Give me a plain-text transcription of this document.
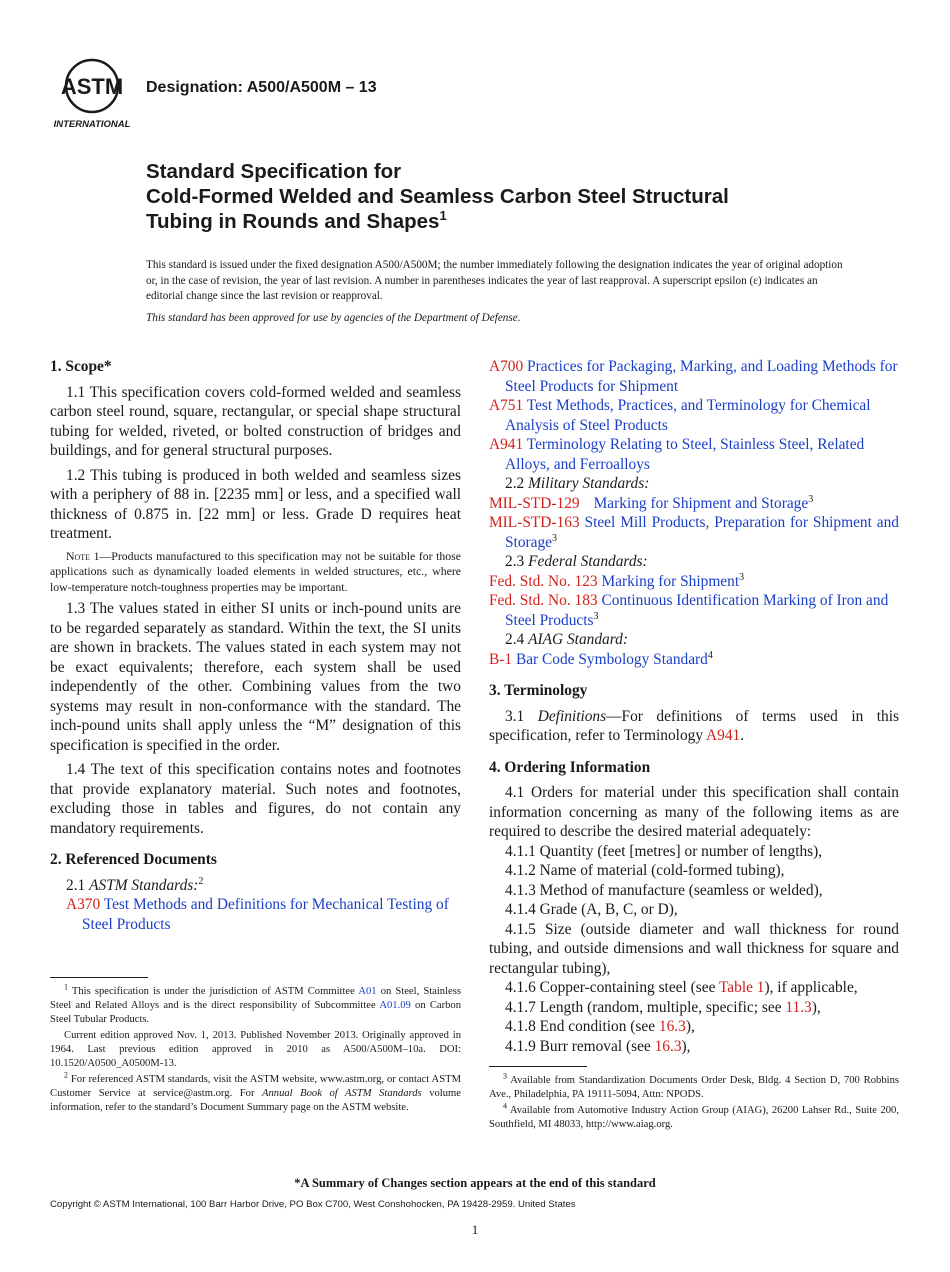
ASTM
INTERNATIONAL
Designation: A500/A500M – 13
Standard Specification for
Cold-Formed Welded and Seamless Carbon Steel Structural
Tubing in Rounds and Shapes$^1$
This standard is issued under the fixed designation A500/A500M; the number immediately following the designation indicates the year of original adoption or, in the case of revision, the year of last revision. A number in parentheses indicates the year of last reapproval. A superscript epsilon (ε) indicates an editorial change since the last revision or reapproval.
This standard has been approved for use by agencies of the Department of Defense.
1. Scope*

1.1 This specification covers cold-formed welded and seamless carbon steel round, square, rectangular, or special shape structural tubing for welded, riveted, or bolted construction of bridges and buildings, and for general structural purposes.

1.2 This tubing is produced in both welded and seamless sizes with a periphery of 88 in. [2235 mm] or less, and a specified wall thickness of 0.875 in. [22 mm] or less. Grade D requires heat treatment.

Note 1—Products manufactured to this specification may not be suitable for those applications such as dynamically loaded elements in welded structures, etc., where low-temperature notch-toughness properties may be important.

1.3 The values stated in either SI units or inch-pound units are to be regarded separately as standard. Within the text, the SI units are shown in brackets. The values stated in each system may not be exact equivalents; therefore, each system shall be used independently of the other. Combining values from the two systems may result in non-conformance with the standard. The inch-pound units shall apply unless the “M” designation of this specification is specified in the order.

1.4 The text of this specification contains notes and footnotes that provide explanatory material. Such notes and footnotes, excluding those in tables and figures, do not contain any mandatory requirements.

2. Referenced Documents

2.1 ASTM Standards:$^2$

A370 Test Methods and Definitions for Mechanical Testing of Steel Products

A700 Practices for Packaging, Marking, and Loading Methods for Steel Products for Shipment

A751 Test Methods, Practices, and Terminology for Chemical Analysis of Steel Products

A941 Terminology Relating to Steel, Stainless Steel, Related Alloys, and Ferroalloys

2.2 Military Standards:

MIL-STD-129 Marking for Shipment and Storage$^3$

MIL-STD-163 Steel Mill Products, Preparation for Shipment and Storage$^3$

2.3 Federal Standards:

Fed. Std. No. 123 Marking for Shipment$^3$

Fed. Std. No. 183 Continuous Identification Marking of Iron and Steel Products$^3$

2.4 AIAG Standard:

B-1 Bar Code Symbology Standard$^4$

3. Terminology

3.1 Definitions—For definitions of terms used in this specification, refer to Terminology A941.

4. Ordering Information

4.1 Orders for material under this specification shall contain information concerning as many of the following items as are required to describe the desired material adequately:

4.1.1 Quantity (feet [metres] or number of lengths),

4.1.2 Name of material (cold-formed tubing),

4.1.3 Method of manufacture (seamless or welded),

4.1.4 Grade (A, B, C, or D),

4.1.5 Size (outside diameter and wall thickness for round tubing, and outside dimensions and wall thickness for square and rectangular tubing),

4.1.6 Copper-containing steel (see Table 1), if applicable,

4.1.7 Length (random, multiple, specific; see 11.3),

4.1.8 End condition (see 16.3),

4.1.9 Burr removal (see 16.3),

$^1$ This specification is under the jurisdiction of ASTM Committee A01 on Steel, Stainless Steel and Related Alloys and is the direct responsibility of Subcommittee A01.09 on Carbon Steel Tubular Products.

Current edition approved Nov. 1, 2013. Published November 2013. Originally approved in 1964. Last previous edition approved in 2010 as A500/A500M–10a. DOI: 10.1520/A0500_A0500M-13.

$^2$ For referenced ASTM standards, visit the ASTM website, www.astm.org, or contact ASTM Customer Service at service@astm.org. For Annual Book of ASTM Standards volume information, refer to the standard’s Document Summary page on the ASTM website.

$^3$ Available from Standardization Documents Order Desk, Bldg. 4 Section D, 700 Robbins Ave., Philadelphia, PA 19111-5094, Attn: NPODS.

$^4$ Available from Automotive Industry Action Group (AIAG), 26200 Lahser Rd., Suite 200, Southfield, MI 48033, http://www.aiag.org.

*A Summary of Changes section appears at the end of this standard
Copyright © ASTM International, 100 Barr Harbor Drive, PO Box C700, West Conshohocken, PA 19428-2959. United States
1
